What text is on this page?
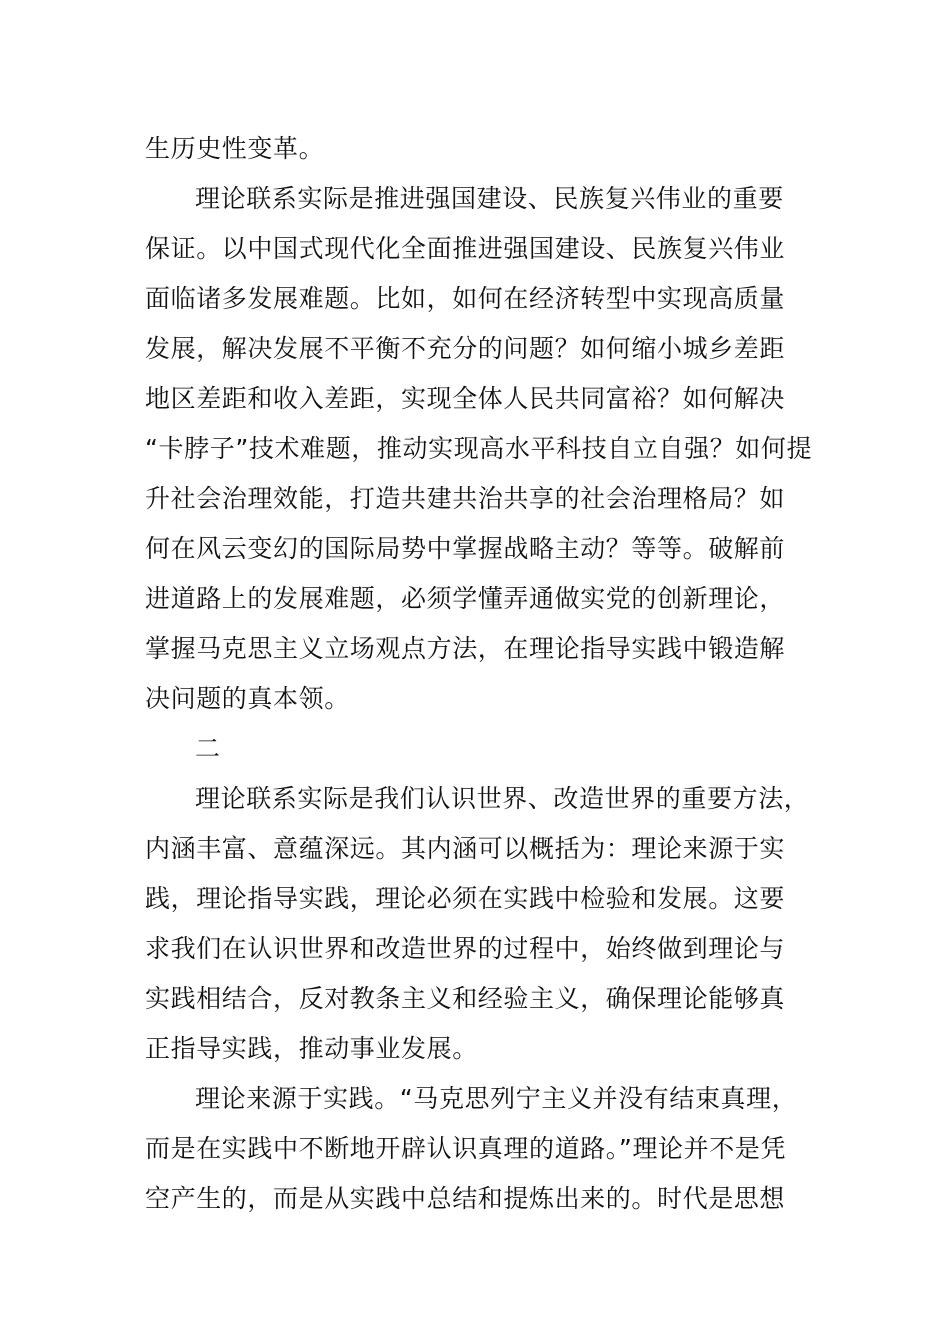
生历史性变革。
理论联系实际是推进强国建设、民族复兴伟业的重要
保证。以中国式现代化全面推进强国建设、民族复兴伟业
面临诸多发展难题。比如，如何在经济转型中实现高质量
发展，解决发展不平衡不充分的问题？如何缩小城乡差距
地区差距和收入差距，实现全体人民共同富裕？如何解决
“卡脖子”技术难题，推动实现高水平科技自立自强？如何提
升社会治理效能，打造共建共治共享的社会治理格局？如
何在风云变幻的国际局势中掌握战略主动？等等。破解前
进道路上的发展难题，必须学懂弄通做实党的创新理论，
掌握马克思主义立场观点方法，在理论指导实践中锻造解
决问题的真本领。
二
理论联系实际是我们认识世界、改造世界的重要方法，
内涵丰富、意蕴深远。其内涵可以概括为：理论来源于实
践，理论指导实践，理论必须在实践中检验和发展。这要
求我们在认识世界和改造世界的过程中，始终做到理论与
实践相结合，反对教条主义和经验主义，确保理论能够真
正指导实践，推动事业发展。
理论来源于实践。“马克思列宁主义并没有结束真理，
而是在实践中不断地开辟认识真理的道路。”理论并不是凭
空产生的，而是从实践中总结和提炼出来的。时代是思想
